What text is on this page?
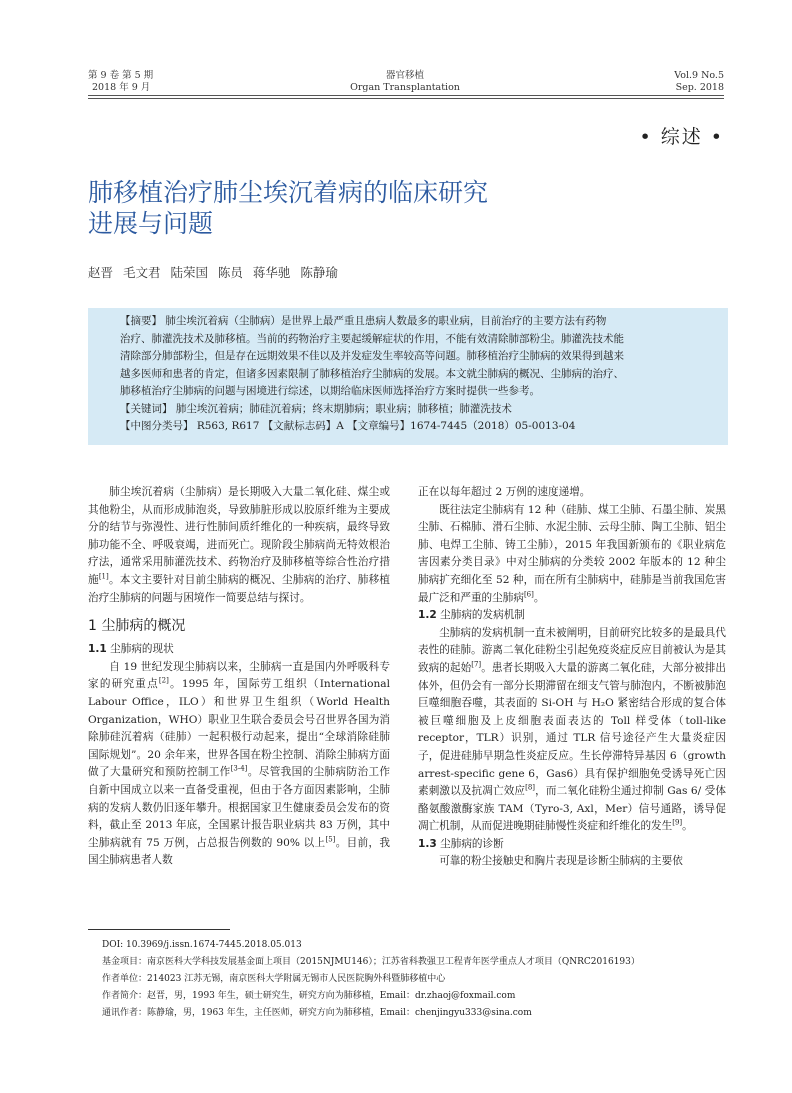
第 9 卷 第 5 期
2018 年 9 月
器官移植
Organ Transplantation
Vol.9 No.5
Sep. 2018
• 综述 •
肺移植治疗肺尘埃沉着病的临床研究
进展与问题
赵晋 毛文君 陆荣国 陈员 蒋华驰 陈静瑜

【摘要】 肺尘埃沉着病（尘肺病）是世界上最严重且患病人数最多的职业病，目前治疗的主要方法有药物

治疗、肺灌洗技术及肺移植。当前的药物治疗主要起缓解症状的作用，不能有效清除肺部粉尘。肺灌洗技术能

清除部分肺部粉尘，但是存在远期效果不佳以及并发症发生率较高等问题。肺移植治疗尘肺病的效果得到越来

越多医师和患者的肯定，但诸多因素限制了肺移植治疗尘肺病的发展。本文就尘肺病的概况、尘肺病的治疗、

肺移植治疗尘肺病的问题与困境进行综述，以期给临床医师选择治疗方案时提供一些参考。

【关键词】 肺尘埃沉着病；肺硅沉着病；终末期肺病；职业病；肺移植；肺灌洗技术

【中图分类号】 R563, R617 【文献标志码】A 【文章编号】1674-7445（2018）05-0013-04

肺尘埃沉着病（尘肺病）是长期吸入大量二氧化硅、煤尘或其他粉尘，从而形成肺泡炎，导致肺脏形成以胶原纤维为主要成分的结节与弥漫性、进行性肺间质纤维化的一种疾病，最终导致肺功能不全、呼吸衰竭，进而死亡。现阶段尘肺病尚无特效根治疗法，通常采用肺灌洗技术、药物治疗及肺移植等综合性治疗措施[1]。本文主要针对目前尘肺病的概况、尘肺病的治疗、肺移植治疗尘肺病的问题与困境作一简要总结与探讨。

1 尘肺病的概况
1.1 尘肺病的现状

自 19 世纪发现尘肺病以来，尘肺病一直是国内外呼吸科专家的研究重点[2]。1995 年，国际劳工组织（International Labour Office，ILO）和世界卫生组织（World Health Organization，WHO）职业卫生联合委员会号召世界各国为消除肺硅沉着病（硅肺）一起积极行动起来，提出“全球消除硅肺国际规划”。20 余年来，世界各国在粉尘控制、消除尘肺病方面做了大量研究和预防控制工作[3-4]。尽管我国的尘肺病防治工作自新中国成立以来一直备受重视，但由于各方面因素影响，尘肺病的发病人数仍旧逐年攀升。根据国家卫生健康委员会发布的资料，截止至 2013 年底，全国累计报告职业病共 83 万例，其中尘肺病就有 75 万例，占总报告例数的 90% 以上[5]。目前，我国尘肺病患者人数

正在以每年超过 2 万例的速度递增。

既往法定尘肺病有 12 种（硅肺、煤工尘肺、石墨尘肺、炭黑尘肺、石棉肺、滑石尘肺、水泥尘肺、云母尘肺、陶工尘肺、铝尘肺、电焊工尘肺、铸工尘肺），2015 年我国新颁布的《职业病危害因素分类目录》中对尘肺病的分类较 2002 年版本的 12 种尘肺病扩充细化至 52 种，而在所有尘肺病中，硅肺是当前我国危害最广泛和严重的尘肺病[6]。

1.2 尘肺病的发病机制

尘肺病的发病机制一直未被阐明，目前研究比较多的是最具代表性的硅肺。游离二氧化硅粉尘引起免疫炎症反应目前被认为是其致病的起始[7]。患者长期吸入大量的游离二氧化硅，大部分被排出体外，但仍会有一部分长期滞留在细支气管与肺泡内，不断被肺泡巨噬细胞吞噬，其表面的 Si-OH 与 H₂O 紧密结合形成的复合体被巨噬细胞及上皮细胞表面表达的 Toll 样受体（toll-like receptor，TLR）识别，通过 TLR 信号途径产生大量炎症因子，促进硅肺早期急性炎症反应。生长停滞特异基因 6（growth arrest-specific gene 6，Gas6）具有保护细胞免受诱导死亡因素刺激以及抗凋亡效应[8]，而二氧化硅粉尘通过抑制 Gas 6/ 受体酪氨酸激酶家族 TAM（Tyro-3, Axl，Mer）信号通路，诱导促凋亡机制，从而促进晚期硅肺慢性炎症和纤维化的发生[9]。

1.3 尘肺病的诊断

可靠的粉尘接触史和胸片表现是诊断尘肺病的主要依

DOI: 10.3969/j.issn.1674-7445.2018.05.013

基金项目：南京医科大学科技发展基金面上项目（2015NJMU146）；江苏省科教强卫工程青年医学重点人才项目（QNRC2016193）

作者单位：214023 江苏无锡，南京医科大学附属无锡市人民医院胸外科暨肺移植中心

作者简介：赵晋，男，1993 年生，硕士研究生，研究方向为肺移植，Email：dr.zhaoj@foxmail.com

通讯作者：陈静瑜，男，1963 年生，主任医师，研究方向为肺移植，Email：chenjingyu333@sina.com
